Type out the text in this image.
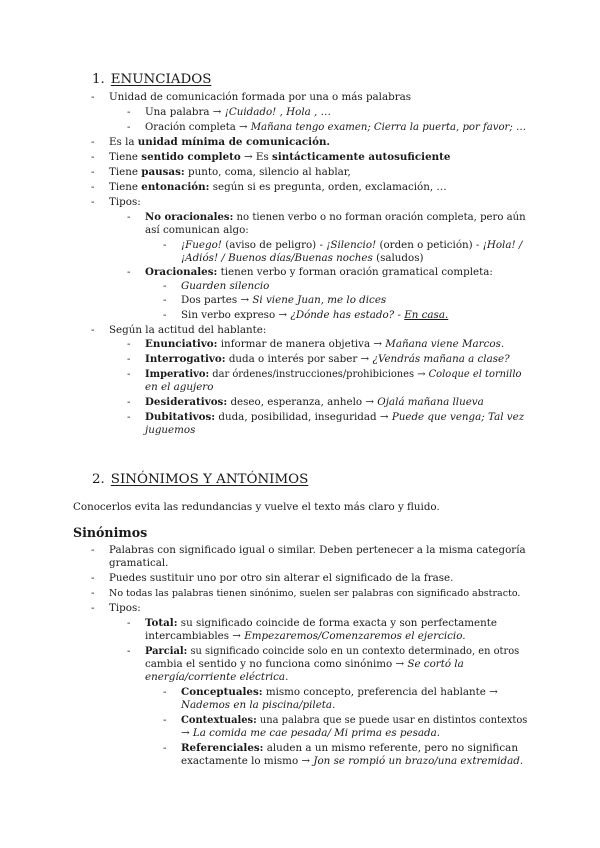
1. ENUNCIADOS
- Unidad de comunicación formada por una o más palabras
- Una palabra → ¡Cuidado! , Hola , …
- Oración completa → Mañana tengo examen; Cierra la puerta, por favor; …
- Es la unidad mínima de comunicación.
- Tiene sentido completo → Es sintácticamente autosuficiente
- Tiene pausas: punto, coma, silencio al hablar,
- Tiene entonación: según si es pregunta, orden, exclamación, …
- Tipos:
- No oracionales: no tienen verbo o no forman oración completa, pero aún
así comunican algo:
- ¡Fuego! (aviso de peligro) - ¡Silencio! (orden o petición) - ¡Hola! /
¡Adiós! / Buenos días/Buenas noches (saludos)
- Oracionales: tienen verbo y forman oración gramatical completa:
- Guarden silencio
- Dos partes → Si viene Juan, me lo dices
- Sin verbo expreso → ¿Dónde has estado? - En casa.
- Según la actitud del hablante:
- Enunciativo: informar de manera objetiva → Mañana viene Marcos.
- Interrogativo: duda o interés por saber → ¿Vendrás mañana a clase?
- Imperativo: dar órdenes/instrucciones/prohibiciones → Coloque el tornillo
en el agujero
- Desiderativos: deseo, esperanza, anhelo → Ojalá mañana llueva
- Dubitativos: duda, posibilidad, inseguridad → Puede que venga; Tal vez
juguemos
2. SINÓNIMOS Y ANTÓNIMOS
Conocerlos evita las redundancias y vuelve el texto más claro y fluido.
Sinónimos
- Palabras con significado igual o similar. Deben pertenecer a la misma categoría
gramatical.
- Puedes sustituir uno por otro sin alterar el significado de la frase.
- No todas las palabras tienen sinónimo, suelen ser palabras con significado abstracto.
- Tipos:
- Total: su significado coincide de forma exacta y son perfectamente
intercambiables → Empezaremos/Comenzaremos el ejercicio.
- Parcial: su significado coincide solo en un contexto determinado, en otros
cambia el sentido y no funciona como sinónimo → Se cortó la
energía/corriente eléctrica.
- Conceptuales: mismo concepto, preferencia del hablante →
Nademos en la piscina/pileta.
- Contextuales: una palabra que se puede usar en distintos contextos
→ La comida me cae pesada/ Mi prima es pesada.
- Referenciales: aluden a un mismo referente, pero no significan
exactamente lo mismo → Jon se rompió un brazo/una extremidad.
